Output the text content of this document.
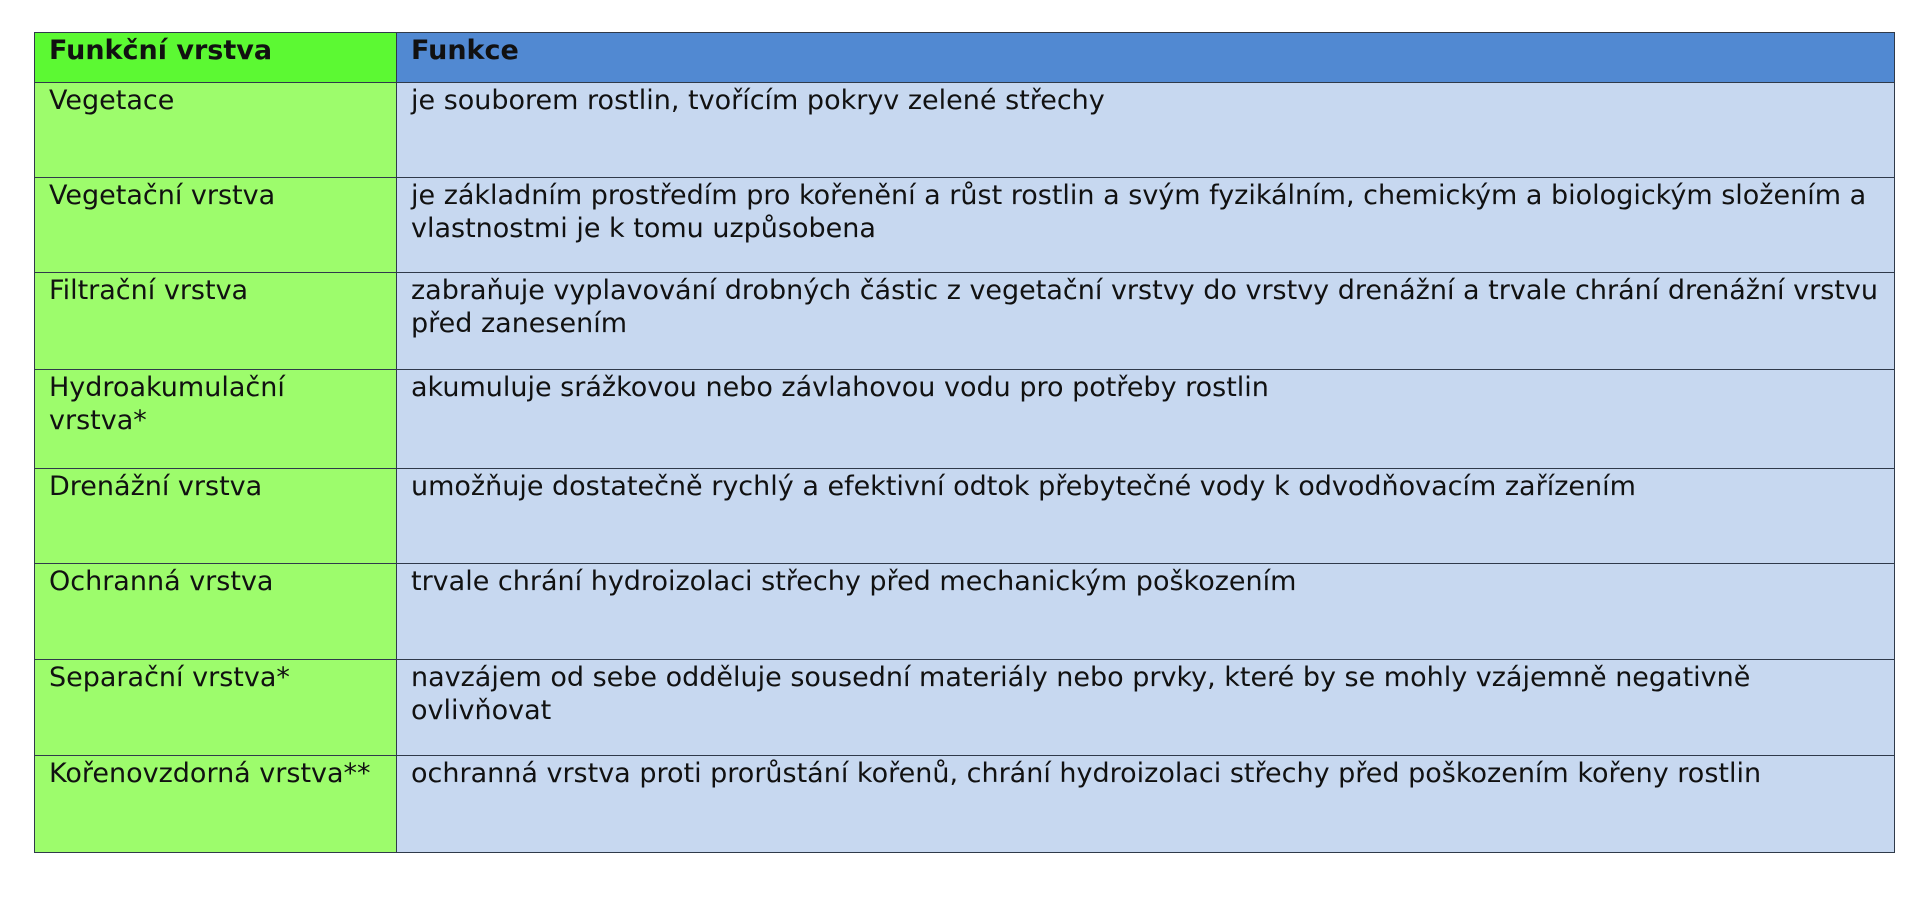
Funkční vrstva	Funkce
Vegetace	je souborem rostlin, tvořícím pokryv zelené střechy
Vegetační vrstva	je základním prostředím pro kořenění a růst rostlin a svým fyzikálním, chemickým a biologickým složením a vlastnostmi je k tomu uzpůsobena
Filtrační vrstva	zabraňuje vyplavování drobných částic z vegetační vrstvy do vrstvy drenážní a trvale chrání drenážní vrstvu před zanesením
Hydroakumulační vrstva*	akumuluje srážkovou nebo závlahovou vodu pro potřeby rostlin
Drenážní vrstva	umožňuje dostatečně rychlý a efektivní odtok přebytečné vody k odvodňovacím zařízením
Ochranná vrstva	trvale chrání hydroizolaci střechy před mechanickým poškozením
Separační vrstva*	navzájem od sebe odděluje sousední materiály nebo prvky, které by se mohly vzájemně negativně ovlivňovat
Kořenovzdorná vrstva**	ochranná vrstva proti prorůstání kořenů, chrání hydroizolaci střechy před poškozením kořeny rostlin
